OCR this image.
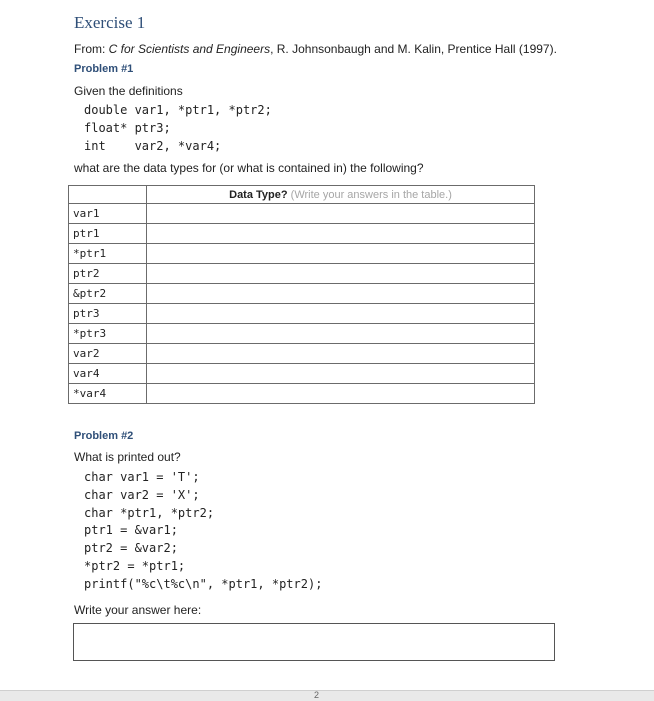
Exercise 1
From: C for Scientists and Engineers, R. Johnsonbaugh and M. Kalin, Prentice Hall (1997).
Problem #1
Given the definitions
double var1, *ptr1, *ptr2;
float* ptr3;
int    var2, *var4;
what are the data types for (or what is contained in) the following?
	Data Type? (Write your answers in the table.)
var1	
ptr1	
*ptr1	
ptr2	
&ptr2	
ptr3	
*ptr3	
var2	
var4	
*var4	
Problem #2
What is printed out?
char var1 = 'T';
char var2 = 'X';
char *ptr1, *ptr2;
ptr1 = &var1;
ptr2 = &var2;
*ptr2 = *ptr1;
printf("%c\t%c\n", *ptr1, *ptr2);
Write your answer here:
2
